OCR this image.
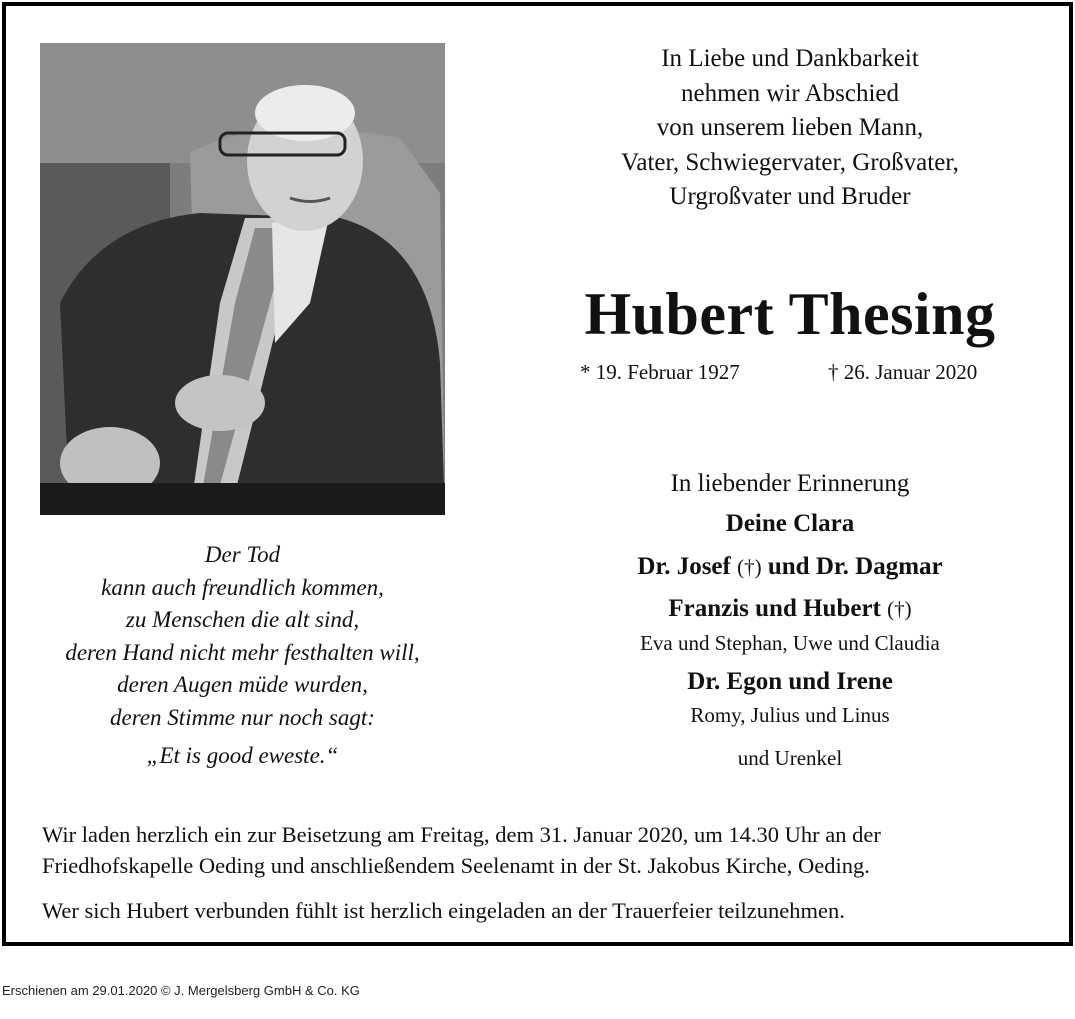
In Liebe und Dankbarkeit
nehmen wir Abschied
von unserem lieben Mann,
Vater, Schwiegervater, Großvater,
Urgroßvater und Bruder
Hubert Thesing
* 19. Februar 1927	† 26. Januar 2020
In liebender Erinnerung
Deine Clara
Dr. Josef (†) und Dr. Dagmar
Franzis und Hubert (†)
Eva und Stephan, Uwe und Claudia
Dr. Egon und Irene
Romy, Julius und Linus
und Urenkel
Der Tod
kann auch freundlich kommen,
zu Menschen die alt sind,
deren Hand nicht mehr festhalten will,
deren Augen müde wurden,
deren Stimme nur noch sagt:
„Et is good eweste.“
Wir laden herzlich ein zur Beisetzung am Freitag, dem 31. Januar 2020, um 14.30 Uhr an der
Friedhofskapelle Oeding und anschließendem Seelenamt in der St. Jakobus Kirche, Oeding.
Wer sich Hubert verbunden fühlt ist herzlich eingeladen an der Trauerfeier teilzunehmen.
Erschienen am 29.01.2020 © J. Mergelsberg GmbH & Co. KG
